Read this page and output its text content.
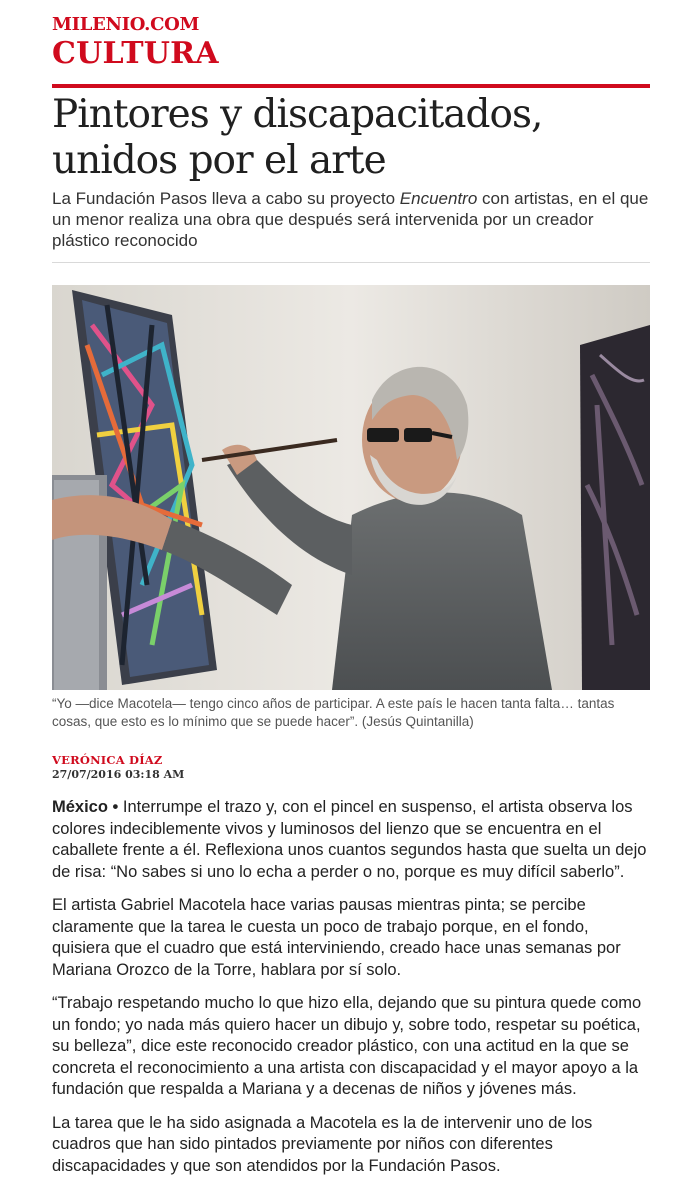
MILENIO.COM
CULTURA
Pintores y discapacitados, unidos por el arte

La Fundación Pasos lleva a cabo su proyecto Encuentro con artistas, en el que un menor realiza una obra que después será intervenida por un creador plástico reconocido

“Yo —dice Macotela— tengo cinco años de participar. A este país le hacen tanta falta… tantas cosas, que esto es lo mínimo que se puede hacer”. (Jesús Quintanilla)

VERÓNICA DÍAZ
27/07/2016 03:18 AM

México • Interrumpe el trazo y, con el pincel en suspenso, el artista observa los colores indeciblemente vivos y luminosos del lienzo que se encuentra en el caballete frente a él. Reflexiona unos cuantos segundos hasta que suelta un dejo de risa: “No sabes si uno lo echa a perder o no, porque es muy difícil saberlo”.

El artista Gabriel Macotela hace varias pausas mientras pinta; se percibe claramente que la tarea le cuesta un poco de trabajo porque, en el fondo, quisiera que el cuadro que está interviniendo, creado hace unas semanas por Mariana Orozco de la Torre, hablara por sí solo.

“Trabajo respetando mucho lo que hizo ella, dejando que su pintura quede como un fondo; yo nada más quiero hacer un dibujo y, sobre todo, respetar su poética, su belleza”, dice este reconocido creador plástico, con una actitud en la que se concreta el reconocimiento a una artista con discapacidad y el mayor apoyo a la fundación que respalda a Mariana y a decenas de niños y jóvenes más.

La tarea que le ha sido asignada a Macotela es la de intervenir uno de los cuadros que han sido pintados previamente por niños con diferentes discapacidades y que son atendidos por la Fundación Pasos.
